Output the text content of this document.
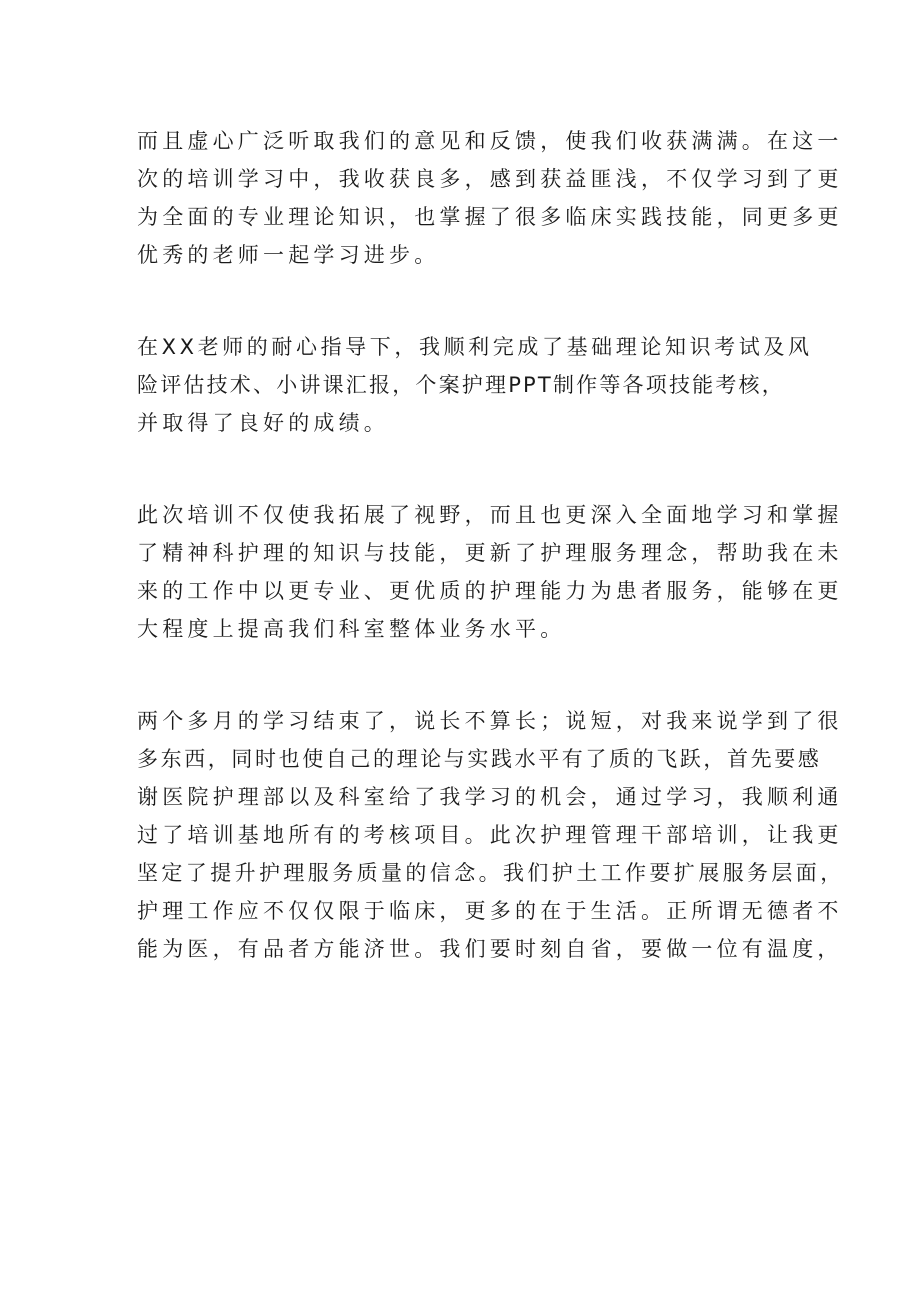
而且虚心广泛听取我们的意见和反馈，使我们收获满满。在这一
次的培训学习中，我收获良多，感到获益匪浅，不仅学习到了更
为全面的专业理论知识，也掌握了很多临床实践技能，同更多更
优秀的老师一起学习进步。
在XX老师的耐心指导下，我顺利完成了基础理论知识考试及风
险评估技术、小讲课汇报，个案护理PPT制作等各项技能考核，
并取得了良好的成绩。
此次培训不仅使我拓展了视野，而且也更深入全面地学习和掌握
了精神科护理的知识与技能，更新了护理服务理念，帮助我在未
来的工作中以更专业、更优质的护理能力为患者服务，能够在更
大程度上提高我们科室整体业务水平。
两个多月的学习结束了，说长不算长；说短，对我来说学到了很
多东西，同时也使自己的理论与实践水平有了质的飞跃，首先要感
谢医院护理部以及科室给了我学习的机会，通过学习，我顺利通
过了培训基地所有的考核项目。此次护理管理干部培训，让我更
坚定了提升护理服务质量的信念。我们护土工作要扩展服务层面，
护理工作应不仅仅限于临床，更多的在于生活。正所谓无德者不
能为医，有品者方能济世。我们要时刻自省，要做一位有温度，
